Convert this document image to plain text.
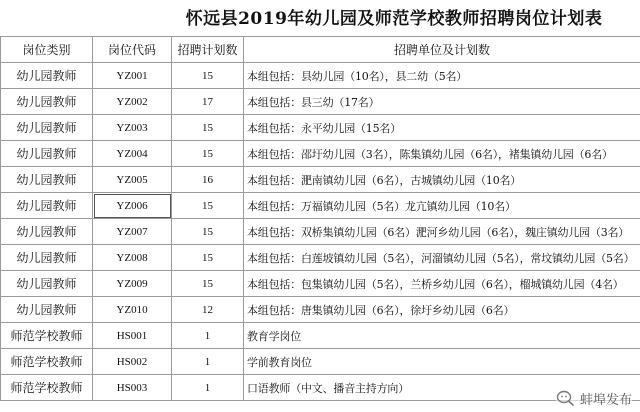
怀远县2019年幼儿园及师范学校教师招聘岗位计划表
岗位类别	岗位代码	招聘计划数	招聘单位及计划数
幼儿园教师	YZ001	15	本组包括：县幼儿园（10名），县二幼（5名）
幼儿园教师	YZ002	17	本组包括：县三幼（17名）
幼儿园教师	YZ003	15	本组包括：永平幼儿园（15名）
幼儿园教师	YZ004	15	本组包括：邵圩幼儿园（3名），陈集镇幼儿园（6名），褚集镇幼儿园（6名）
幼儿园教师	YZ005	16	本组包括：淝南镇幼儿园（6名），古城镇幼儿园（10名）
幼儿园教师	YZ006	15	本组包括：万福镇幼儿园（5名）龙亢镇幼儿园（10名）
幼儿园教师	YZ007	15	本组包括：双桥集镇幼儿园（6名）淝河乡幼儿园（6名），魏庄镇幼儿园（3名）
幼儿园教师	YZ008	15	本组包括：白莲坡镇幼儿园（5名），河溜镇幼儿园（5名），常坟镇幼儿园（5名）
幼儿园教师	YZ009	15	本组包括：包集镇幼儿园（5名），兰桥乡幼儿园（6名），榴城镇幼儿园（4名）
幼儿园教师	YZ010	12	本组包括：唐集镇幼儿园（6名），徐圩乡幼儿园（6名）
师范学校教师	HS001	1	教育学岗位
师范学校教师	HS002	1	学前教育岗位
师范学校教师	HS003	1	口语教师（中文、播音主持方向）
蚌埠发布
